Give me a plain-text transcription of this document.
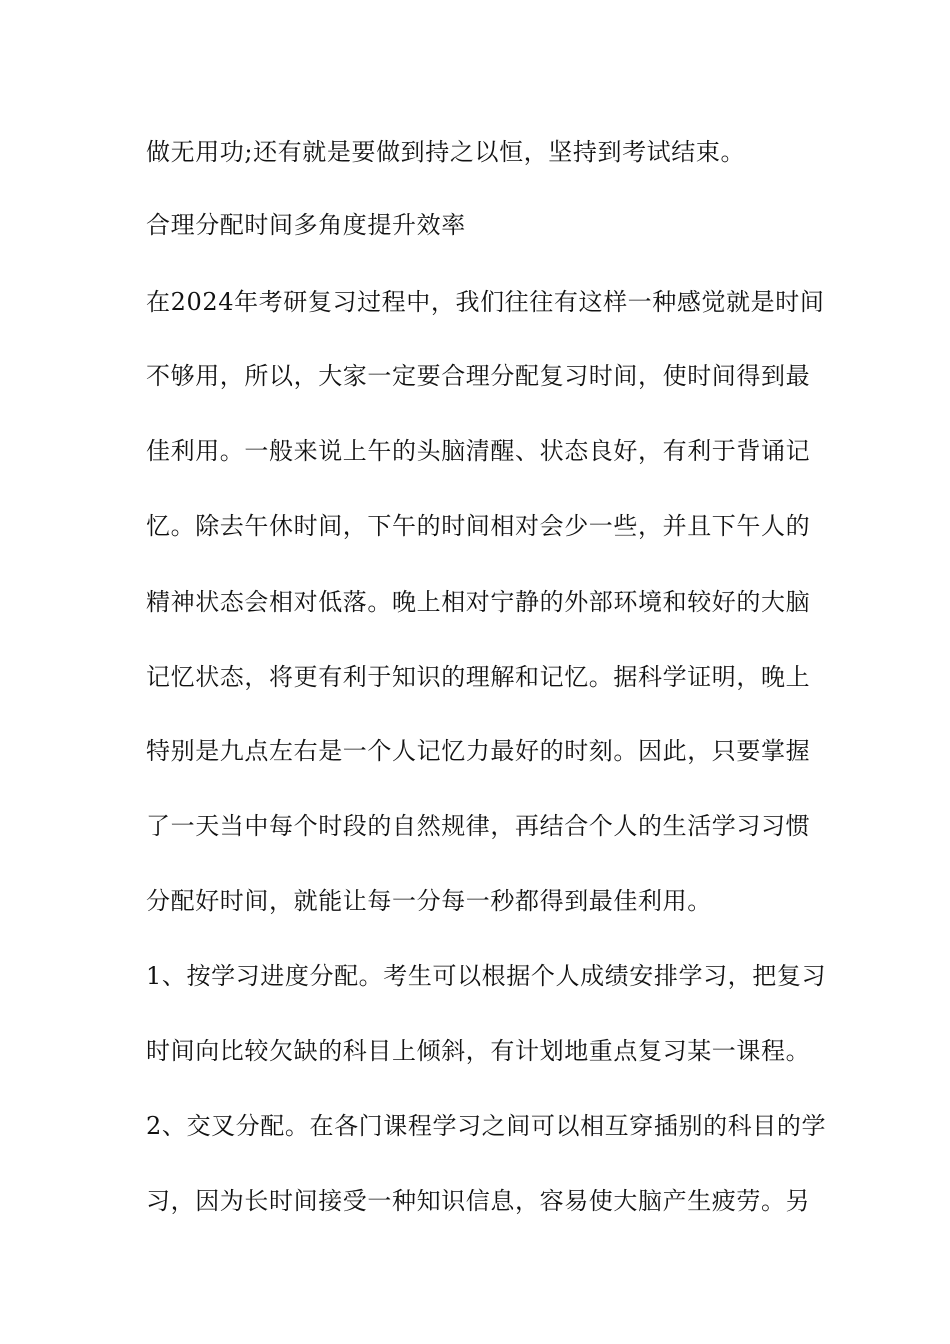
做无用功;还有就是要做到持之以恒，坚持到考试结束。
合理分配时间多角度提升效率
在2024年考研复习过程中，我们往往有这样一种感觉就是时间
不够用，所以，大家一定要合理分配复习时间，使时间得到最
佳利用。一般来说上午的头脑清醒、状态良好，有利于背诵记
忆。除去午休时间，下午的时间相对会少一些，并且下午人的
精神状态会相对低落。晚上相对宁静的外部环境和较好的大脑
记忆状态，将更有利于知识的理解和记忆。据科学证明，晚上
特别是九点左右是一个人记忆力最好的时刻。因此，只要掌握
了一天当中每个时段的自然规律，再结合个人的生活学习习惯
分配好时间，就能让每一分每一秒都得到最佳利用。
1、按学习进度分配。考生可以根据个人成绩安排学习，把复习
时间向比较欠缺的科目上倾斜，有计划地重点复习某一课程。
2、交叉分配。在各门课程学习之间可以相互穿插别的科目的学
习，因为长时间接受一种知识信息，容易使大脑产生疲劳。另
